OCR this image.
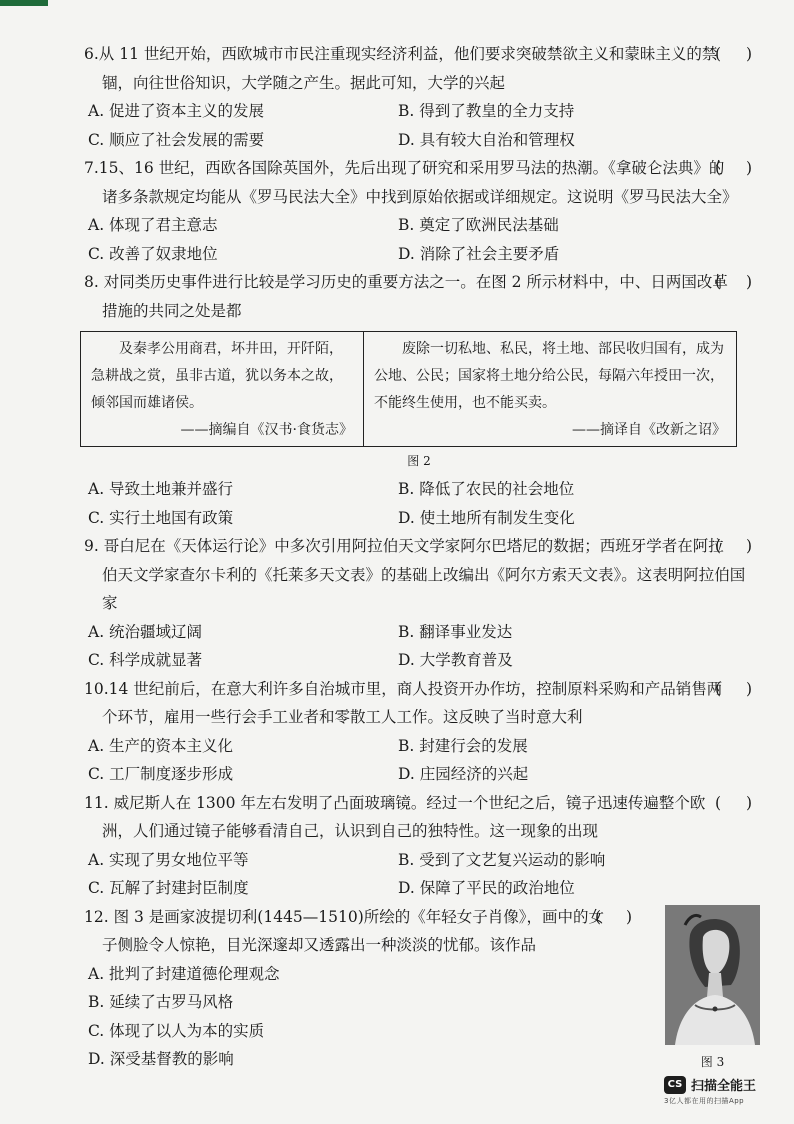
( )
6.从 11 世纪开始，西欧城市市民注重现实经济利益，他们要求突破禁欲主义和蒙昧主义的禁锢，向往世俗知识，大学随之产生。据此可知，大学的兴起

A. 促进了资本主义的发展	B. 得到了教皇的全力支持
C. 顺应了社会发展的需要	D. 具有较大自治和管理权

( )
7.15、16 世纪，西欧各国除英国外，先后出现了研究和采用罗马法的热潮。《拿破仑法典》的诸多条款规定均能从《罗马民法大全》中找到原始依据或详细规定。这说明《罗马民法大全》

A. 体现了君主意志	B. 奠定了欧洲民法基础
C. 改善了奴隶地位	D. 消除了社会主要矛盾

( )
8. 对同类历史事件进行比较是学习历史的重要方法之一。在图 2 所示材料中，中、日两国改革措施的共同之处是都

及秦孝公用商君，坏井田，开阡陌，急耕战之赏，虽非古道，犹以务本之故，倾邻国而雄诸侯。
——摘编自《汉书·食货志》
废除一切私地、私民，将土地、部民收归国有，成为公地、公民；国家将土地分给公民，每隔六年授田一次，不能终生使用，也不能买卖。
——摘译自《改新之诏》
图 2
A. 导致土地兼并盛行	B. 降低了农民的社会地位
C. 实行土地国有政策	D. 使土地所有制发生变化

( )
9. 哥白尼在《天体运行论》中多次引用阿拉伯天文学家阿尔巴塔尼的数据；西班牙学者在阿拉伯天文学家查尔卡利的《托莱多天文表》的基础上改编出《阿尔方索天文表》。这表明阿拉伯国家

A. 统治疆域辽阔	B. 翻译事业发达
C. 科学成就显著	D. 大学教育普及

( )
10.14 世纪前后，在意大利许多自治城市里，商人投资开办作坊，控制原料采购和产品销售两个环节，雇用一些行会手工业者和零散工人工作。这反映了当时意大利

A. 生产的资本主义化	B. 封建行会的发展
C. 工厂制度逐步形成	D. 庄园经济的兴起

( )
11. 威尼斯人在 1300 年左右发明了凸面玻璃镜。经过一个世纪之后，镜子迅速传遍整个欧洲，人们通过镜子能够看清自己，认识到自己的独特性。这一现象的出现

A. 实现了男女地位平等	B. 受到了文艺复兴运动的影响
C. 瓦解了封建封臣制度	D. 保障了平民的政治地位

( )
12. 图 3 是画家波提切利(1445—1510)所绘的《年轻女子肖像》，画中的女子侧脸令人惊艳，目光深邃却又透露出一种淡淡的忧郁。该作品

A. 批判了封建道德伦理观念
B. 延续了古罗马风格
C. 体现了以人为本的实质
D. 深受基督教的影响	图 3
CS 扫描全能王
3亿人都在用的扫描App
